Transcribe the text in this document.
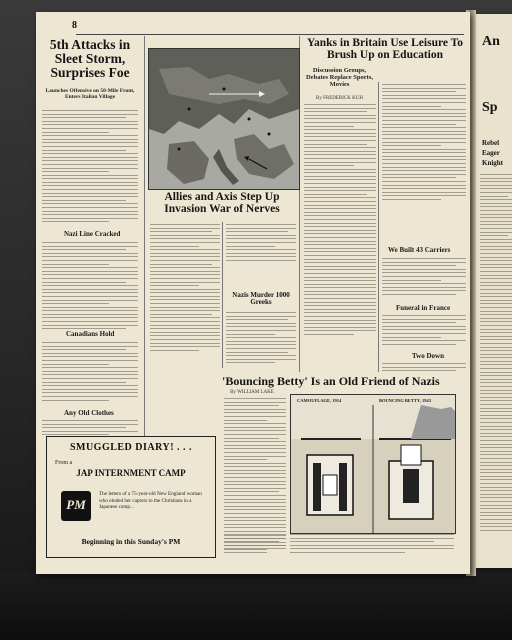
An
Sp
Rebel
Eager
Knight
8
5th Attacks in Sleet Storm, Surprises Foe
Launches Offensive on 50-Mile Front, Enters Italian Village
Nazi Line Cracked
Canadians Hold
Any Old Clothes
Allies and Axis Step Up Invasion War of Nerves
Nazis Murder 1000 Greeks
Yanks in Britain Use Leisure To Brush Up on Education
Discussion Groups, Debates Replace Sports, Movies
By FREDERICK KUH
We Built 43 Carriers
Funeral in France
Two Down
'Bouncing Betty' Is an Old Friend of Nazis
By WILLIAM LAKE
CAMOUFLAGE, 1914	BOUNCING BETTY, 1943
SMUGGLED DIARY! . . .
From a
JAP INTERNMENT CAMP
PM
The letters of a 75-year-old New England woman who eluded her captors to the Christians in a Japanese camp...
Beginning in this Sunday's PM
